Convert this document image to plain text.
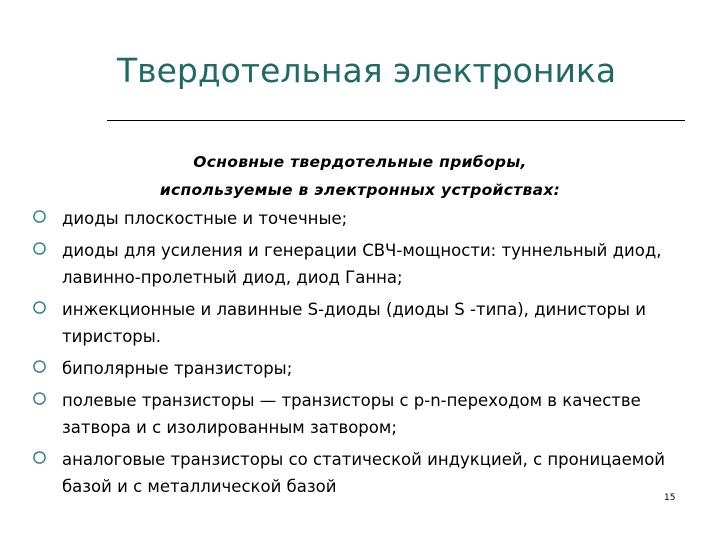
Твердотельная электроника
Основные твердотельные приборы,
используемые в электронных устройствах:
диоды плоскостные и точечные;
диоды для усиления и генерации СВЧ-мощности: туннельный диод, лавинно-пролетный диод, диод Ганна;
инжекционные и лавинные S-диоды (диоды S -типа), динисторы и тиристоры.
биполярные транзисторы;
полевые транзисторы — транзисторы с p-n-переходом в качестве затвора и с изолированным затвором;
аналоговые транзисторы со статической индукцией, с проницаемой базой и с металлической базой
15
